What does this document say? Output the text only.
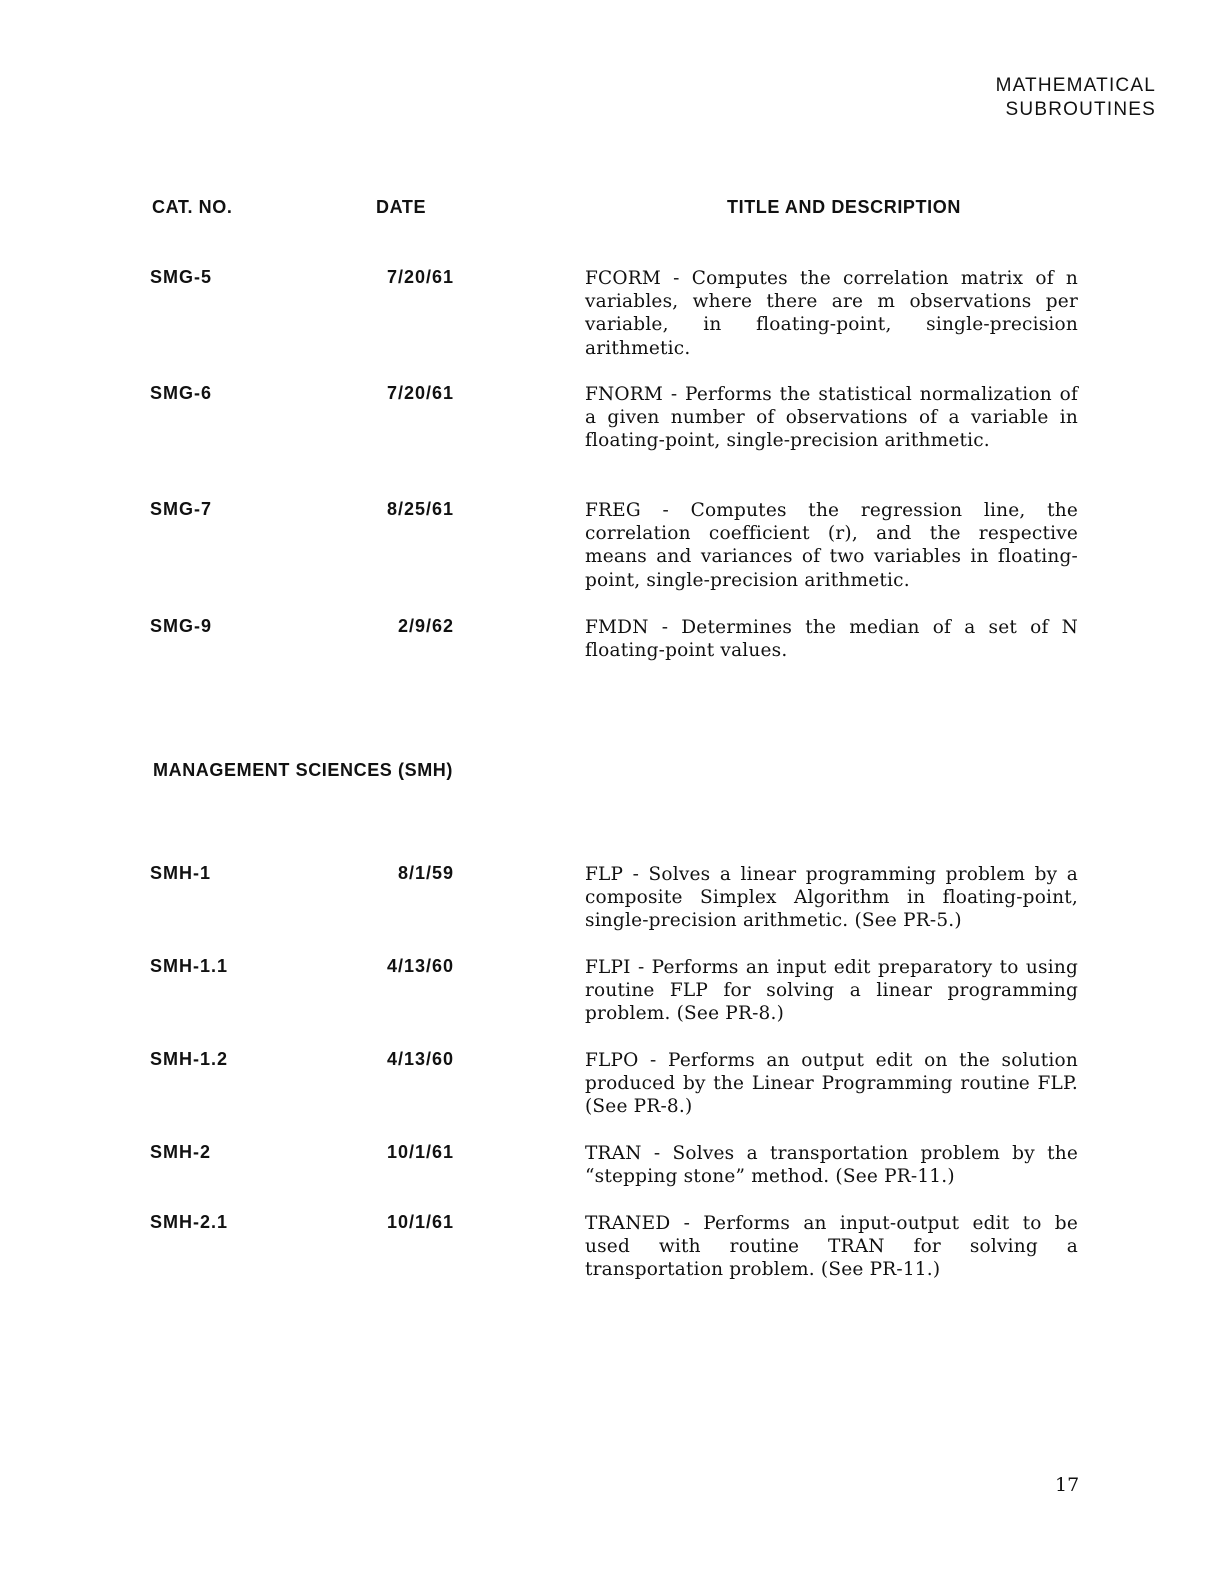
MATHEMATICAL
SUBROUTINES
CAT. NO.	DATE	TITLE AND DESCRIPTION
SMG-5	7/20/61	FCORM - Computes the correlation matrix of n variables, where there are m observations per variable, in floating-point, single-precision arithmetic.
SMG-6	7/20/61	FNORM - Performs the statistical normalization of a given number of observations of a variable in floating-point, single-precision arithmetic.
SMG-7	8/25/61	FREG - Computes the regression line, the correlation coefficient (r), and the respective means and variances of two variables in floating-point, single-precision arithmetic.
SMG-9	2/9/62	FMDN - Determines the median of a set of N floating-point values.
MANAGEMENT SCIENCES (SMH)
SMH-1	8/1/59	FLP - Solves a linear programming problem by a composite Simplex Algorithm in floating-point, single-precision arithmetic. (See PR-5.)
SMH-1.1	4/13/60	FLPI - Performs an input edit preparatory to using routine FLP for solving a linear programming problem. (See PR-8.)
SMH-1.2	4/13/60	FLPO - Performs an output edit on the solution produced by the Linear Programming routine FLP. (See PR-8.)
SMH-2	10/1/61	TRAN - Solves a transportation problem by the “stepping stone” method. (See PR-11.)
SMH-2.1	10/1/61	TRANED - Performs an input-output edit to be used with routine TRAN for solving a transportation problem. (See PR-11.)
17
